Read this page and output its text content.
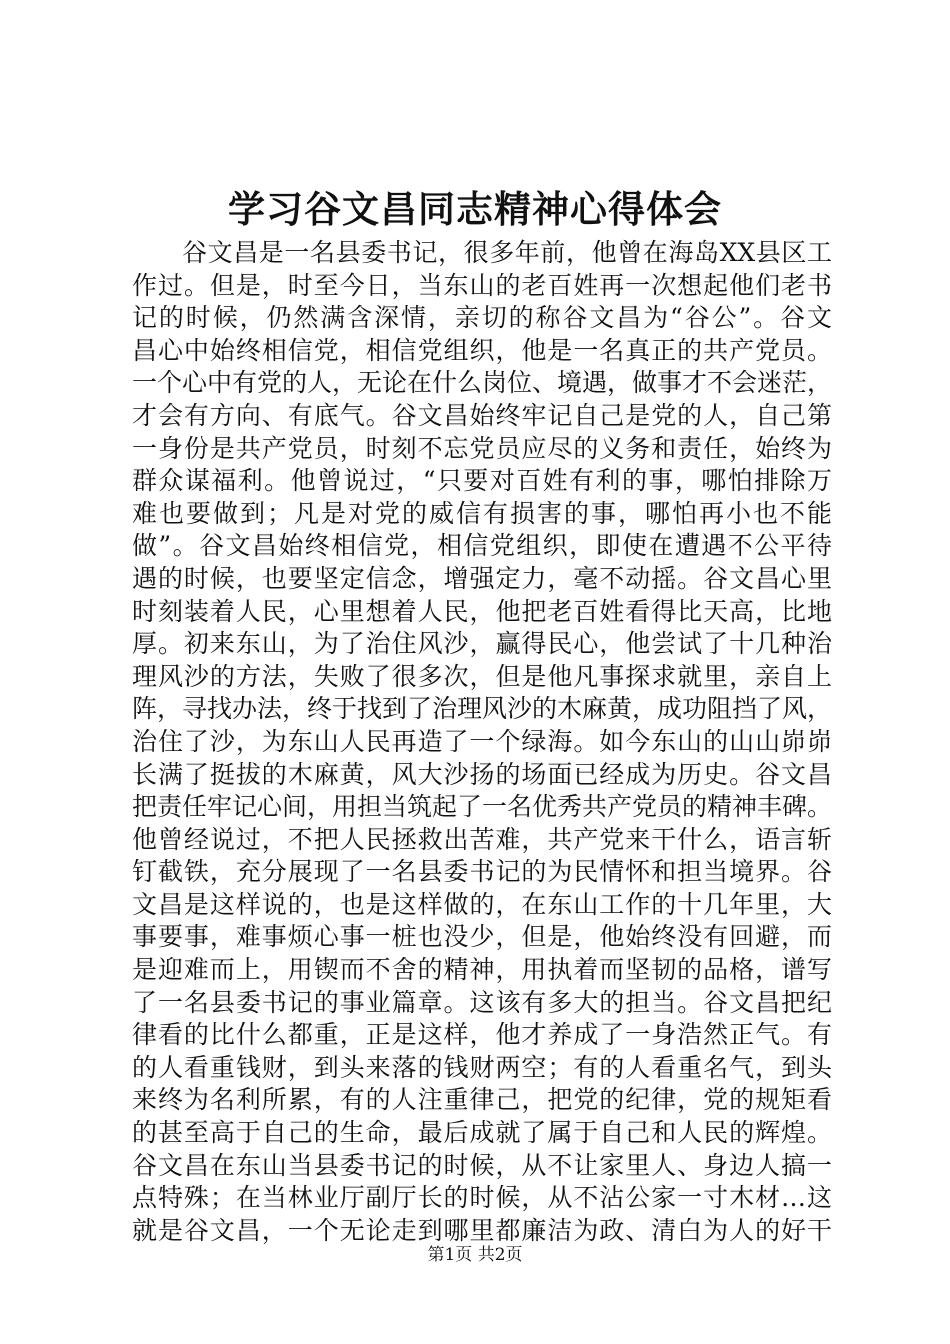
学习谷文昌同志精神心得体会
谷文昌是一名县委书记，很多年前，他曾在海岛XX县区工
作过。但是，时至今日，当东山的老百姓再一次想起他们老书
记的时候，仍然满含深情，亲切的称谷文昌为“谷公”。谷文
昌心中始终相信党，相信党组织，他是一名真正的共产党员。
一个心中有党的人，无论在什么岗位、境遇，做事才不会迷茫，
才会有方向、有底气。谷文昌始终牢记自己是党的人，自己第
一身份是共产党员，时刻不忘党员应尽的义务和责任，始终为
群众谋福利。他曾说过，“只要对百姓有利的事，哪怕排除万
难也要做到；凡是对党的威信有损害的事，哪怕再小也不能
做”。谷文昌始终相信党，相信党组织，即使在遭遇不公平待
遇的时候，也要坚定信念，增强定力，毫不动摇。谷文昌心里
时刻装着人民，心里想着人民，他把老百姓看得比天高，比地
厚。初来东山，为了治住风沙，赢得民心，他尝试了十几种治
理风沙的方法，失败了很多次，但是他凡事探求就里，亲自上
阵，寻找办法，终于找到了治理风沙的木麻黄，成功阻挡了风，
治住了沙，为东山人民再造了一个绿海。如今东山的山山峁峁
长满了挺拔的木麻黄，风大沙扬的场面已经成为历史。谷文昌
把责任牢记心间，用担当筑起了一名优秀共产党员的精神丰碑。
他曾经说过，不把人民拯救出苦难，共产党来干什么，语言斩
钉截铁，充分展现了一名县委书记的为民情怀和担当境界。谷
文昌是这样说的，也是这样做的，在东山工作的十几年里，大
事要事，难事烦心事一桩也没少，但是，他始终没有回避，而
是迎难而上，用锲而不舍的精神，用执着而坚韧的品格，谱写
了一名县委书记的事业篇章。这该有多大的担当。谷文昌把纪
律看的比什么都重，正是这样，他才养成了一身浩然正气。有
的人看重钱财，到头来落的钱财两空；有的人看重名气，到头
来终为名利所累，有的人注重律己，把党的纪律，党的规矩看
的甚至高于自己的生命，最后成就了属于自己和人民的辉煌。
谷文昌在东山当县委书记的时候，从不让家里人、身边人搞一
点特殊；在当林业厅副厅长的时候，从不沾公家一寸木材…这
就是谷文昌，一个无论走到哪里都廉洁为政、清白为人的好干
第1页 共2页
